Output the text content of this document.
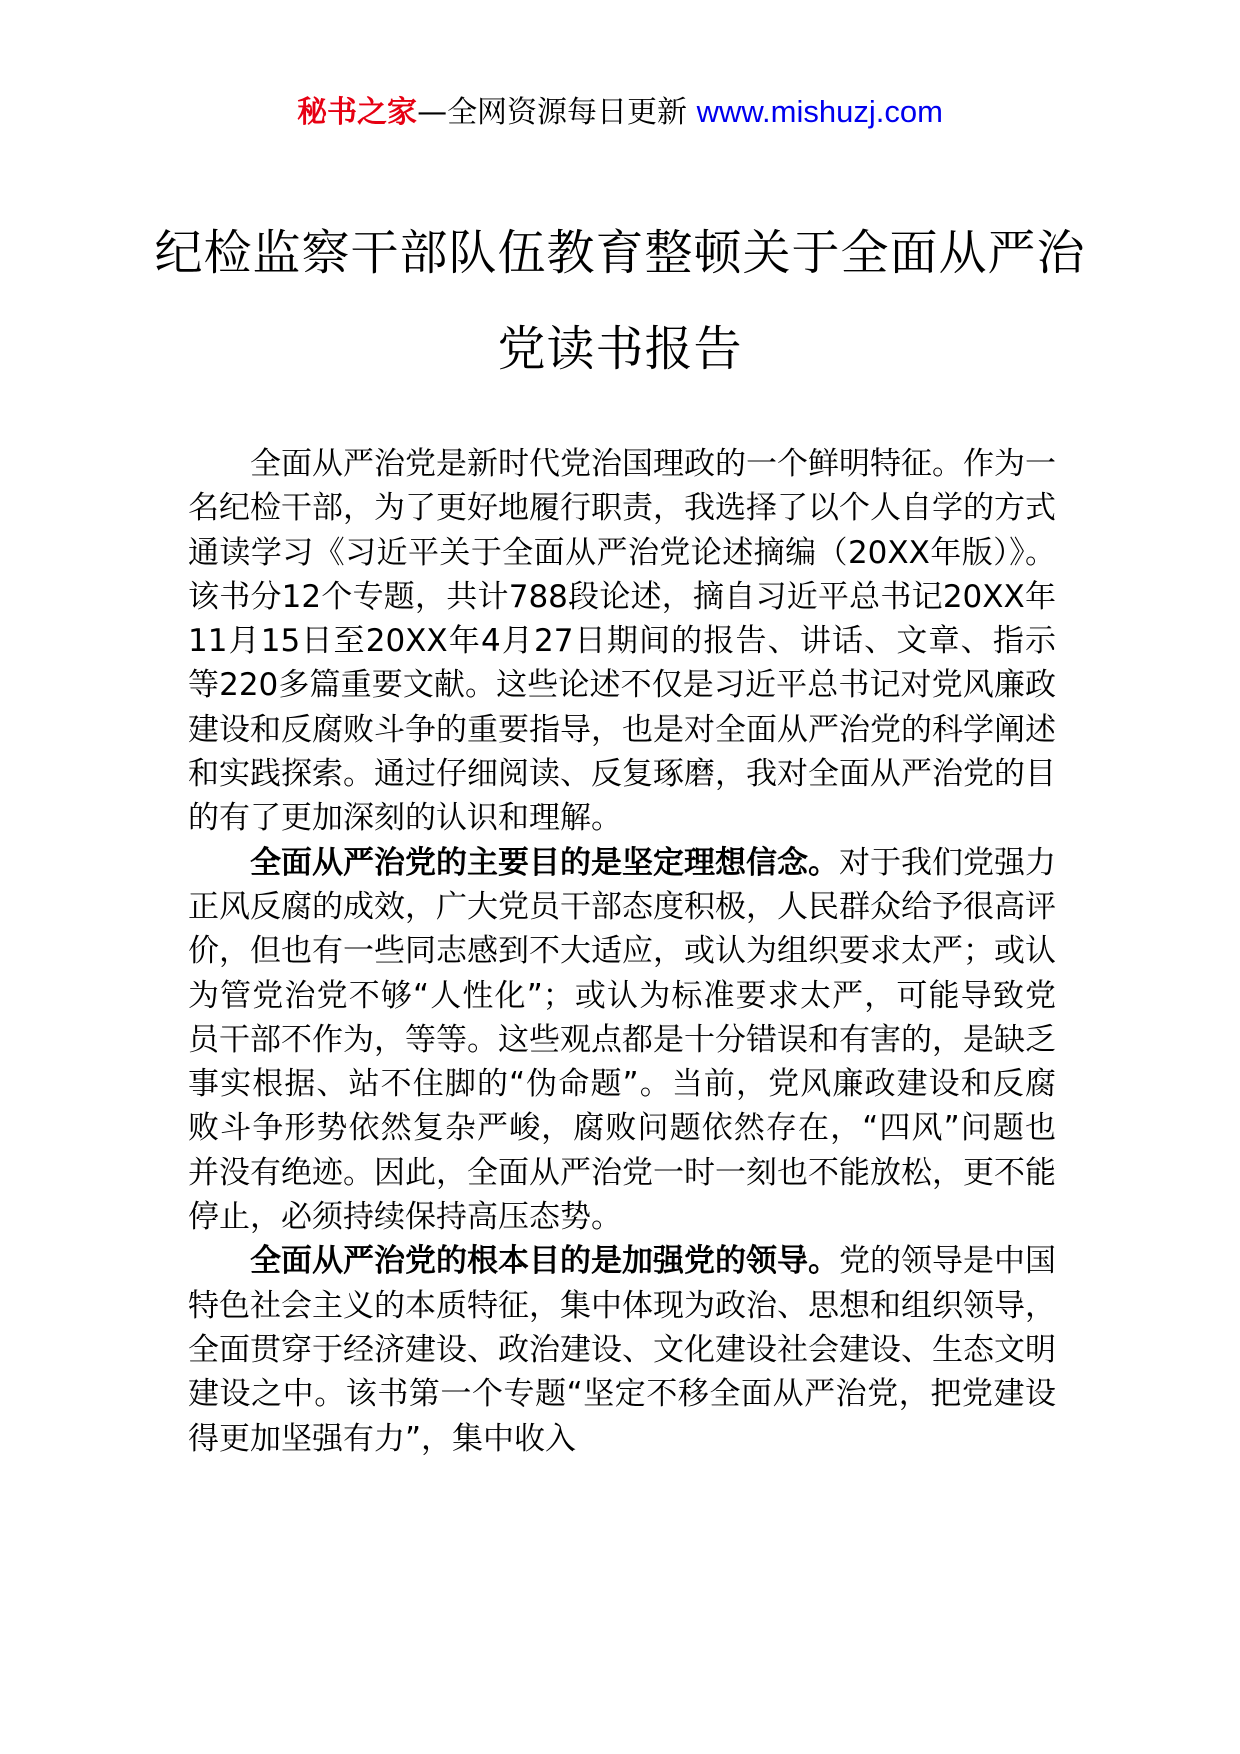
秘书之家—全网资源每日更新 www.mishuzj.com
纪检监察干部队伍教育整顿关于全面从严治党读书报告

全面从严治党是新时代党治国理政的一个鲜明特征。作为一名纪检干部，为了更好地履行职责，我选择了以个人自学的方式通读学习《习近平关于全面从严治党论述摘编（20XX年版）》。该书分12个专题，共计788段论述，摘自习近平总书记20XX年11月15日至20XX年4月27日期间的报告、讲话、文章、指示等220多篇重要文献。这些论述不仅是习近平总书记对党风廉政建设和反腐败斗争的重要指导，也是对全面从严治党的科学阐述和实践探索。通过仔细阅读、反复琢磨，我对全面从严治党的目的有了更加深刻的认识和理解。

全面从严治党的主要目的是坚定理想信念。对于我们党强力正风反腐的成效，广大党员干部态度积极，人民群众给予很高评价，但也有一些同志感到不大适应，或认为组织要求太严；或认为管党治党不够“人性化”；或认为标准要求太严，可能导致党员干部不作为，等等。这些观点都是十分错误和有害的，是缺乏事实根据、站不住脚的“伪命题”。当前，党风廉政建设和反腐败斗争形势依然复杂严峻，腐败问题依然存在，“四风”问题也并没有绝迹。因此，全面从严治党一时一刻也不能放松，更不能停止，必须持续保持高压态势。

全面从严治党的根本目的是加强党的领导。党的领导是中国特色社会主义的本质特征，集中体现为政治、思想和组织领导，全面贯穿于经济建设、政治建设、文化建设社会建设、生态文明建设之中。该书第一个专题“坚定不移全面从严治党，把党建设得更加坚强有力”，集中收入
